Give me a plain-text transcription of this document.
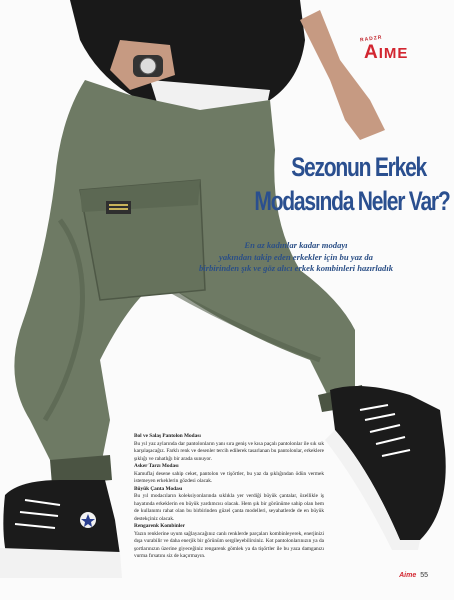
RADZR
AIME
Sezonun Erkek
Modasında Neler Var?
En az kadınlar kadar modayı
yakından takip eden erkekler için bu yaz da
birbirinden şık ve göz alıcı erkek kombinleri hazırladık
Bol ve Salaş Pantolon Modası

Bu yıl yaz aylarında dar pantolonların yanı sıra geniş ve kısa paçalı pantolonlar ile sık sık karşılaşacağız. Farklı renk ve desenler tercih edilerek tasarlanan bu pantolonlar, erkeklere şıklığı ve rahatlığı bir arada sunuyor.

Asker Tarzı Modası

Kamuflaj desene sahip ceket, pantolon ve tişörtler, bu yaz da şıklığından ödün vermek istemeyen erkeklerin gözdesi olacak.

Büyük Çanta Modası

Bu yıl modacıların koleksiyonlarında sıklıkla yer verdiği büyük çantalar, özellikle iş hayatında erkeklerin en büyük yardımcısı olacak. Hem şık bir görünüme sahip olan hem de kullanımı rahat olan bu birbirinden güzel çanta modelleri, seyahatlerde de en büyük destekçiniz olacak.

Rengarenk Kombinler

Yazın renklerine uyum sağlayacağınız canlı renklerde parçaları kombinleyerek, enerjinizi dışa vurabilir ve daha enerjik bir görünüm sergileyebilirsiniz. Kot pantolonlarınızın ya da şortlarınızın üzerine giyeceğiniz rengarenk gömlek ya da tişörtler ile bu yaza damganızı vurma fırsatını siz de kaçırmayın.

Aime 55
